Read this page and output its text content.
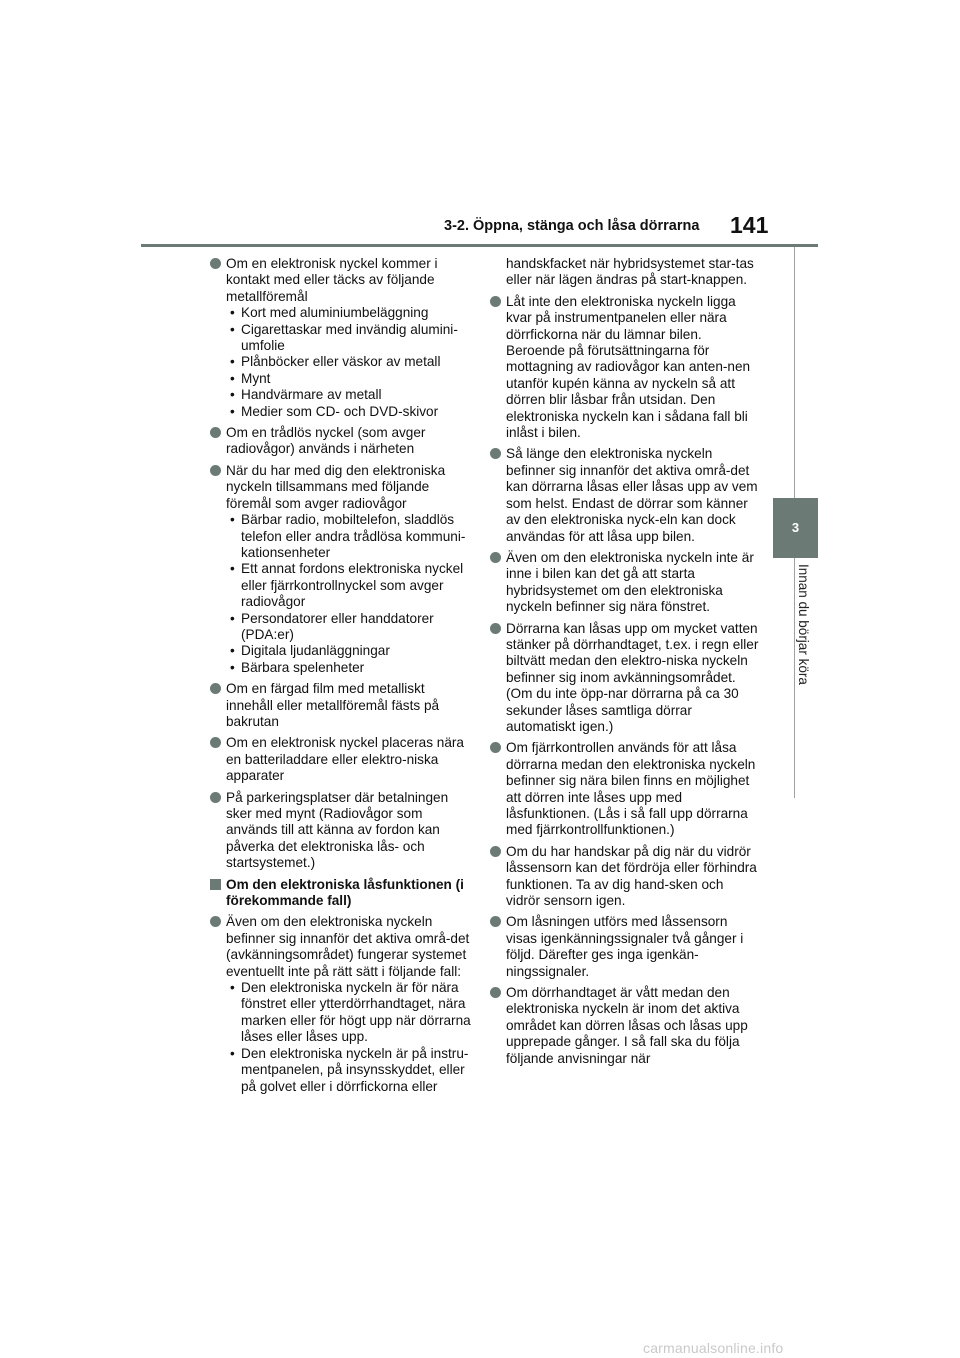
3-2. Öppna, stänga och låsa dörrarna 141
3
Innan du börjar köra
Om en elektronisk nyckel kommer i kontakt med eller täcks av följande metallföremål
• Kort med aluminiumbeläggning
• Cigarettaskar med invändig alumini-umfolie
• Plånböcker eller väskor av metall
• Mynt
• Handvärmare av metall
• Medier som CD- och DVD-skivor
Om en trådlös nyckel (som avger radiovågor) används i närheten
När du har med dig den elektroniska nyckeln tillsammans med följande föremål som avger radiovågor
• Bärbar radio, mobiltelefon, sladdlös telefon eller andra trådlösa kommuni-kationsenheter
• Ett annat fordons elektroniska nyckel eller fjärrkontrollnyckel som avger radiovågor
• Persondatorer eller handdatorer (PDA:er)
• Digitala ljudanläggningar
• Bärbara spelenheter
Om en färgad film med metalliskt innehåll eller metallföremål fästs på bakrutan
Om en elektronisk nyckel placeras nära en batteriladdare eller elektro-niska apparater
På parkeringsplatser där betalningen sker med mynt (Radiovågor som används till att känna av fordon kan påverka det elektroniska lås- och startsystemet.)
Om den elektroniska låsfunktionen (i förekommande fall)
Även om den elektroniska nyckeln befinner sig innanför det aktiva områ-det (avkänningsområdet) fungerar systemet eventuellt inte på rätt sätt i följande fall:
• Den elektroniska nyckeln är för nära fönstret eller ytterdörrhandtaget, nära marken eller för högt upp när dörrarna låses eller låses upp.
• Den elektroniska nyckeln är på instru-mentpanelen, på insynsskyddet, eller på golvet eller i dörrfickorna eller
handskfacket när hybridsystemet star-tas eller när lägen ändras på start-knappen.
Låt inte den elektroniska nyckeln ligga kvar på instrumentpanelen eller nära dörrfickorna när du lämnar bilen. Beroende på förutsättningarna för mottagning av radiovågor kan anten-nen utanför kupén känna av nyckeln så att dörren blir låsbar från utsidan. Den elektroniska nyckeln kan i sådana fall bli inlåst i bilen.
Så länge den elektroniska nyckeln befinner sig innanför det aktiva områ-det kan dörrarna låsas eller låsas upp av vem som helst. Endast de dörrar som känner av den elektroniska nyck-eln kan dock användas för att låsa upp bilen.
Även om den elektroniska nyckeln inte är inne i bilen kan det gå att starta hybridsystemet om den elektroniska nyckeln befinner sig nära fönstret.
Dörrarna kan låsas upp om mycket vatten stänker på dörrhandtaget, t.ex. i regn eller biltvätt medan den elektro-niska nyckeln befinner sig inom avkänningsområdet. (Om du inte öpp-nar dörrarna på ca 30 sekunder låses samtliga dörrar automatiskt igen.)
Om fjärrkontrollen används för att låsa dörrarna medan den elektroniska nyckeln befinner sig nära bilen finns en möjlighet att dörren inte låses upp med låsfunktionen. (Lås i så fall upp dörrarna med fjärrkontrollfunktionen.)
Om du har handskar på dig när du vidrör låssensorn kan det fördröja eller förhindra funktionen. Ta av dig hand-sken och vidrör sensorn igen.
Om låsningen utförs med låssensorn visas igenkänningssignaler två gånger i följd. Därefter ges inga igenkän-ningssignaler.
Om dörrhandtaget är vått medan den elektroniska nyckeln är inom det aktiva området kan dörren låsas och låsas upp upprepade gånger. I så fall ska du följa följande anvisningar när
carmanualsonline.info
